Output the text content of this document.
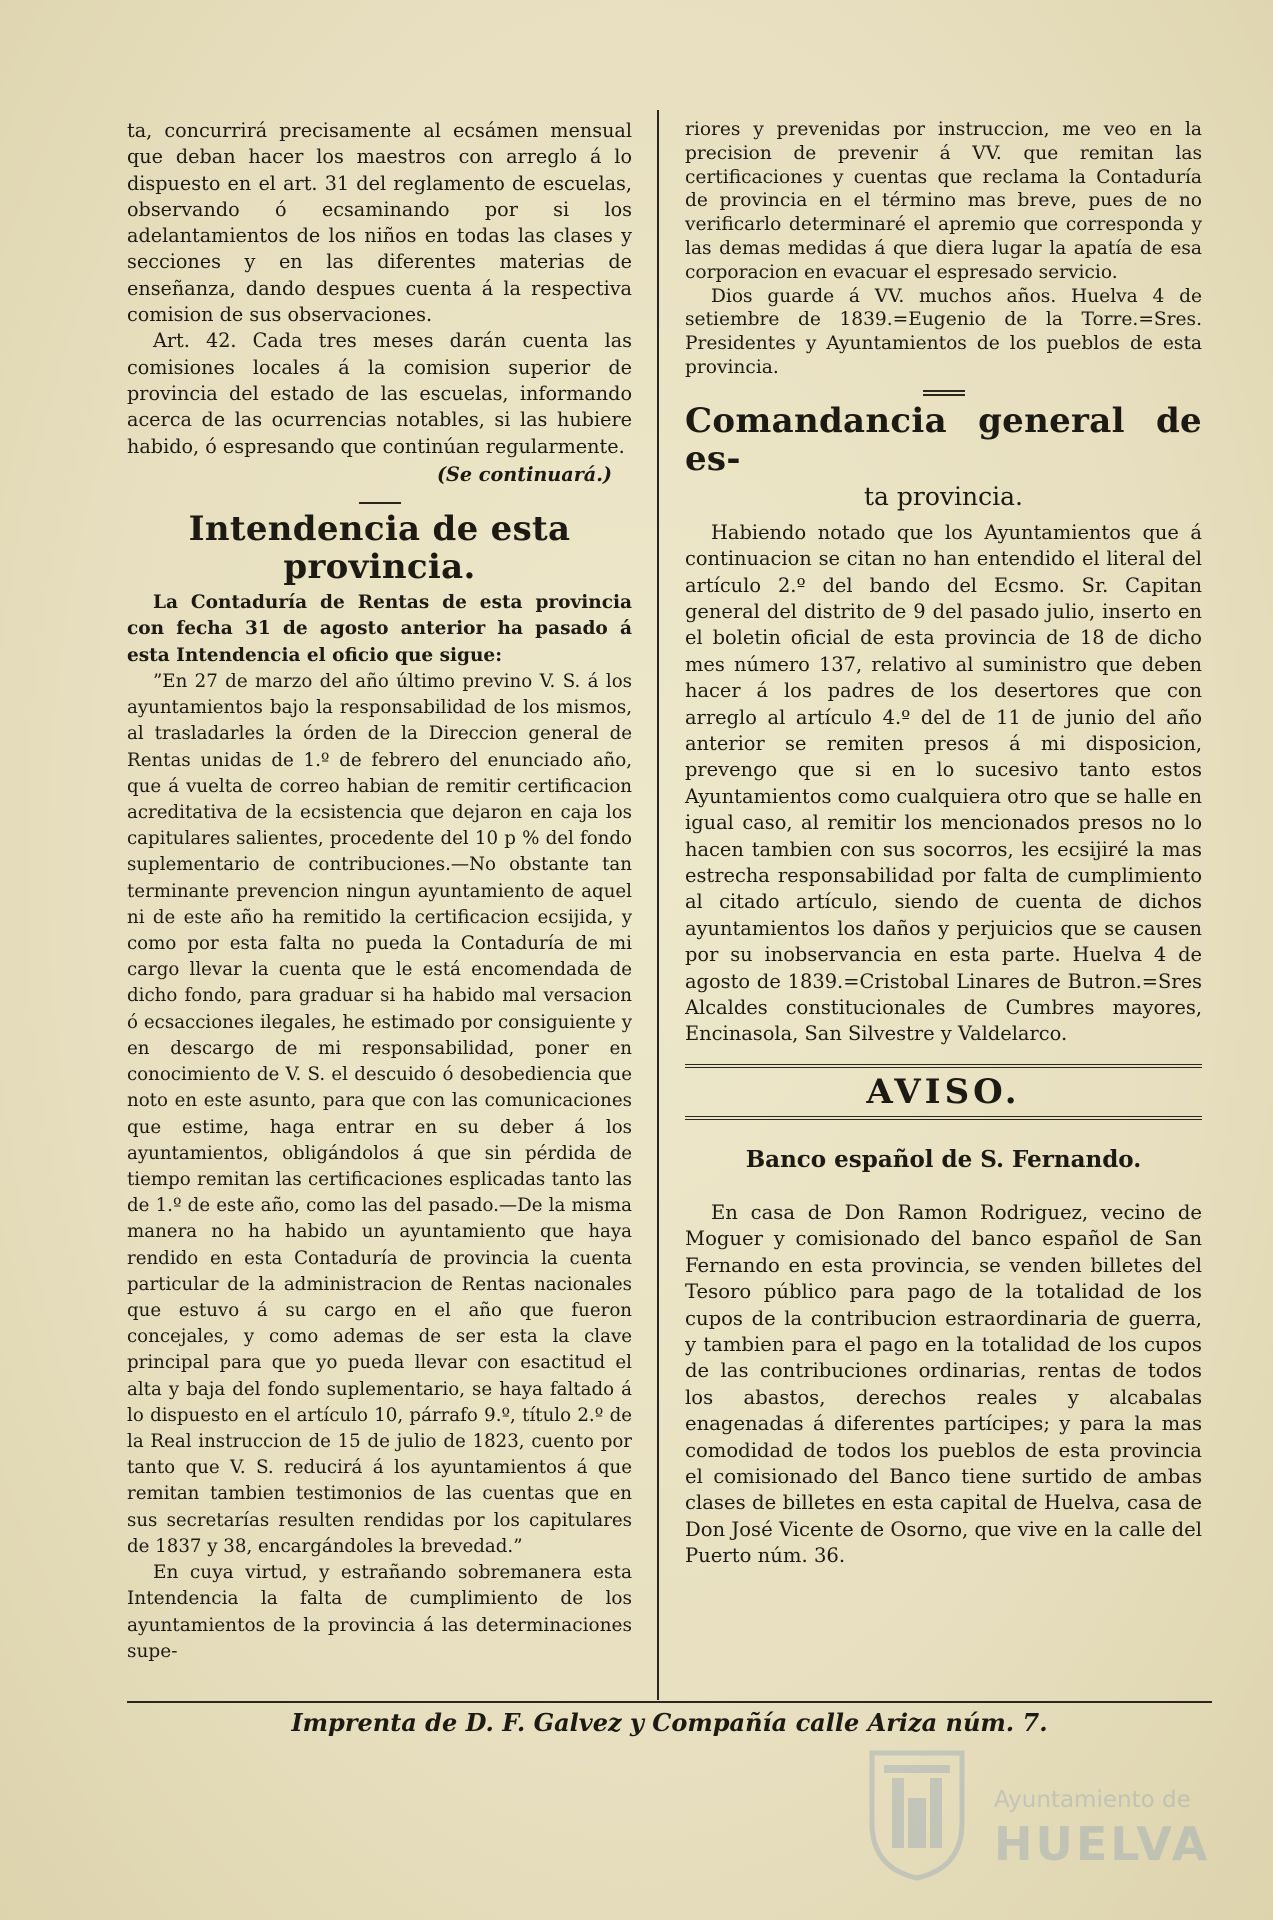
ta, concurrirá precisamente al ecsámen mensual que deban hacer los maestros con arreglo á lo dispuesto en el art. 31 del reglamento de escuelas, observando ó ecsaminando por si los adelantamientos de los niños en todas las clases y secciones y en las diferentes materias de enseñanza, dando despues cuenta á la respectiva comision de sus observaciones.

Art. 42. Cada tres meses darán cuenta las comisiones locales á la comision superior de provincia del estado de las escuelas, informando acerca de las ocurrencias notables, si las hubiere habido, ó espresando que continúan regularmente.

(Se continuará.)
Intendencia de esta provincia.

La Contaduría de Rentas de esta provincia con fecha 31 de agosto anterior ha pasado á esta Intendencia el oficio que sigue:

”En 27 de marzo del año último previno V. S. á los ayuntamientos bajo la responsabilidad de los mismos, al trasladarles la órden de la Direccion general de Rentas unidas de 1.º de febrero del enunciado año, que á vuelta de correo habian de remitir certificacion acreditativa de la ecsistencia que dejaron en caja los capitulares salientes, procedente del 10 p % del fondo suplementario de contribuciones.—No obstante tan terminante prevencion ningun ayuntamiento de aquel ni de este año ha remitido la certificacion ecsijida, y como por esta falta no pueda la Contaduría de mi cargo llevar la cuenta que le está encomendada de dicho fondo, para graduar si ha habido mal versacion ó ecsacciones ilegales, he estimado por consiguiente y en descargo de mi responsabilidad, poner en conocimiento de V. S. el descuido ó desobediencia que noto en este asunto, para que con las comunicaciones que estime, haga entrar en su deber á los ayuntamientos, obligándolos á que sin pérdida de tiempo remitan las certificaciones esplicadas tanto las de 1.º de este año, como las del pasado.—De la misma manera no ha habido un ayuntamiento que haya rendido en esta Contaduría de provincia la cuenta particular de la administracion de Rentas nacionales que estuvo á su cargo en el año que fueron concejales, y como ademas de ser esta la clave principal para que yo pueda llevar con esactitud el alta y baja del fondo suplementario, se haya faltado á lo dispuesto en el artículo 10, párrafo 9.º, título 2.º de la Real instruccion de 15 de julio de 1823, cuento por tanto que V. S. reducirá á los ayuntamientos á que remitan tambien testimonios de las cuentas que en sus secretarías resulten rendidas por los capitulares de 1837 y 38, encargándoles la brevedad.”

En cuya virtud, y estrañando sobremanera esta Intendencia la falta de cumplimiento de los ayuntamientos de la provincia á las determinaciones supe-

riores y prevenidas por instruccion, me veo en la precision de prevenir á VV. que remitan las certificaciones y cuentas que reclama la Contaduría de provincia en el término mas breve, pues de no verificarlo determinaré el apremio que corresponda y las demas medidas á que diera lugar la apatía de esa corporacion en evacuar el espresado servicio.

Dios guarde á VV. muchos años. Huelva 4 de setiembre de 1839.=Eugenio de la Torre.=Sres. Presidentes y Ayuntamientos de los pueblos de esta provincia.

Comandancia general de es-
ta provincia.

Habiendo notado que los Ayuntamientos que á continuacion se citan no han entendido el literal del artículo 2.º del bando del Ecsmo. Sr. Capitan general del distrito de 9 del pasado julio, inserto en el boletin oficial de esta provincia de 18 de dicho mes número 137, relativo al suministro que deben hacer á los padres de los desertores que con arreglo al artículo 4.º del de 11 de junio del año anterior se remiten presos á mi disposicion, prevengo que si en lo sucesivo tanto estos Ayuntamientos como cualquiera otro que se halle en igual caso, al remitir los mencionados presos no lo hacen tambien con sus socorros, les ecsijiré la mas estrecha responsabilidad por falta de cumplimiento al citado artículo, siendo de cuenta de dichos ayuntamientos los daños y perjuicios que se causen por su inobservancia en esta parte. Huelva 4 de agosto de 1839.=Cristobal Linares de Butron.=Sres Alcaldes constitucionales de Cumbres mayores, Encinasola, San Silvestre y Valdelarco.

AVISO.
Banco español de S. Fernando.

En casa de Don Ramon Rodriguez, vecino de Moguer y comisionado del banco español de San Fernando en esta provincia, se venden billetes del Tesoro público para pago de la totalidad de los cupos de la contribucion estraordinaria de guerra, y tambien para el pago en la totalidad de los cupos de las contribuciones ordinarias, rentas de todos los abastos, derechos reales y alcabalas enagenadas á diferentes partícipes; y para la mas comodidad de todos los pueblos de esta provincia el comisionado del Banco tiene surtido de ambas clases de billetes en esta capital de Huelva, casa de Don José Vicente de Osorno, que vive en la calle del Puerto núm. 36.

Imprenta de D. F. Galvez y Compañía calle Ariza núm. 7.
Ayuntamiento de
HUELVA
